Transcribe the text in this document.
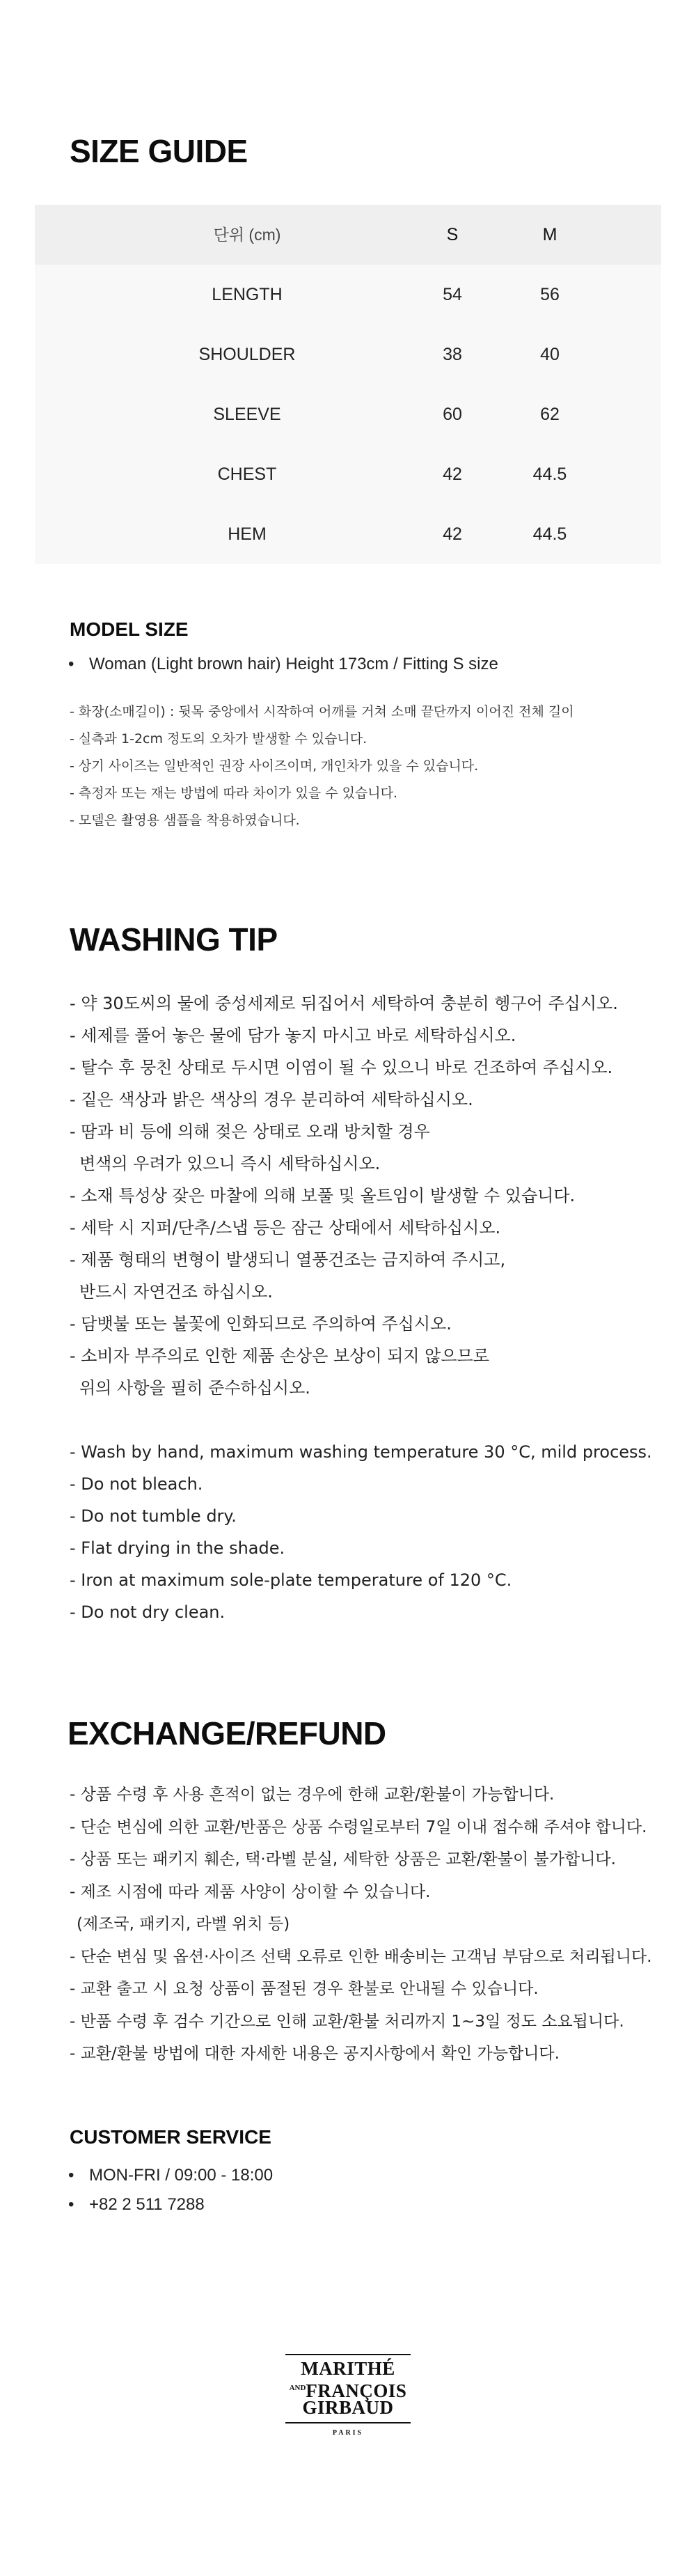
SIZE GUIDE
단위 (cm)	S	M
LENGTH	54	56
SHOULDER	38	40
SLEEVE	60	62
CHEST	42	44.5
HEM	42	44.5
MODEL SIZE
• Woman (Light brown hair) Height 173cm / Fitting S size
- 화장(소매길이) : 뒷목 중앙에서 시작하여 어깨를 거쳐 소매 끝단까지 이어진 전체 길이
- 실측과 1-2cm 정도의 오차가 발생할 수 있습니다.
- 상기 사이즈는 일반적인 권장 사이즈이며, 개인차가 있을 수 있습니다.
- 측정자 또는 재는 방법에 따라 차이가 있을 수 있습니다.
- 모델은 촬영용 샘플을 착용하였습니다.
WASHING TIP
- 약 30도씨의 물에 중성세제로 뒤집어서 세탁하여 충분히 헹구어 주십시오.
- 세제를 풀어 놓은 물에 담가 놓지 마시고 바로 세탁하십시오.
- 탈수 후 뭉친 상태로 두시면 이염이 될 수 있으니 바로 건조하여 주십시오.
- 짙은 색상과 밝은 색상의 경우 분리하여 세탁하십시오.
- 땀과 비 등에 의해 젖은 상태로 오래 방치할 경우
변색의 우려가 있으니 즉시 세탁하십시오.
- 소재 특성상 잦은 마찰에 의해 보풀 및 올트임이 발생할 수 있습니다.
- 세탁 시 지퍼/단추/스냅 등은 잠근 상태에서 세탁하십시오.
- 제품 형태의 변형이 발생되니 열풍건조는 금지하여 주시고,
반드시 자연건조 하십시오.
- 담뱃불 또는 불꽃에 인화되므로 주의하여 주십시오.
- 소비자 부주의로 인한 제품 손상은 보상이 되지 않으므로
위의 사항을 필히 준수하십시오.
- Wash by hand, maximum washing temperature 30 °C, mild process.
- Do not bleach.
- Do not tumble dry.
- Flat drying in the shade.
- Iron at maximum sole-plate temperature of 120 °C.
- Do not dry clean.
EXCHANGE/REFUND
- 상품 수령 후 사용 흔적이 없는 경우에 한해 교환/환불이 가능합니다.
- 단순 변심에 의한 교환/반품은 상품 수령일로부터 7일 이내 접수해 주셔야 합니다.
- 상품 또는 패키지 훼손, 택·라벨 분실, 세탁한 상품은 교환/환불이 불가합니다.
- 제조 시점에 따라 제품 사양이 상이할 수 있습니다.
(제조국, 패키지, 라벨 위치 등)
- 단순 변심 및 옵션·사이즈 선택 오류로 인한 배송비는 고객님 부담으로 처리됩니다.
- 교환 출고 시 요청 상품이 품절된 경우 환불로 안내될 수 있습니다.
- 반품 수령 후 검수 기간으로 인해 교환/환불 처리까지 1~3일 정도 소요됩니다.
- 교환/환불 방법에 대한 자세한 내용은 공지사항에서 확인 가능합니다.
CUSTOMER SERVICE
• MON-FRI / 09:00 - 18:00
• +82 2 511 7288
MARITHÉ
$^{AND}$FRANÇOIS
GIRBAUD
PARIS
